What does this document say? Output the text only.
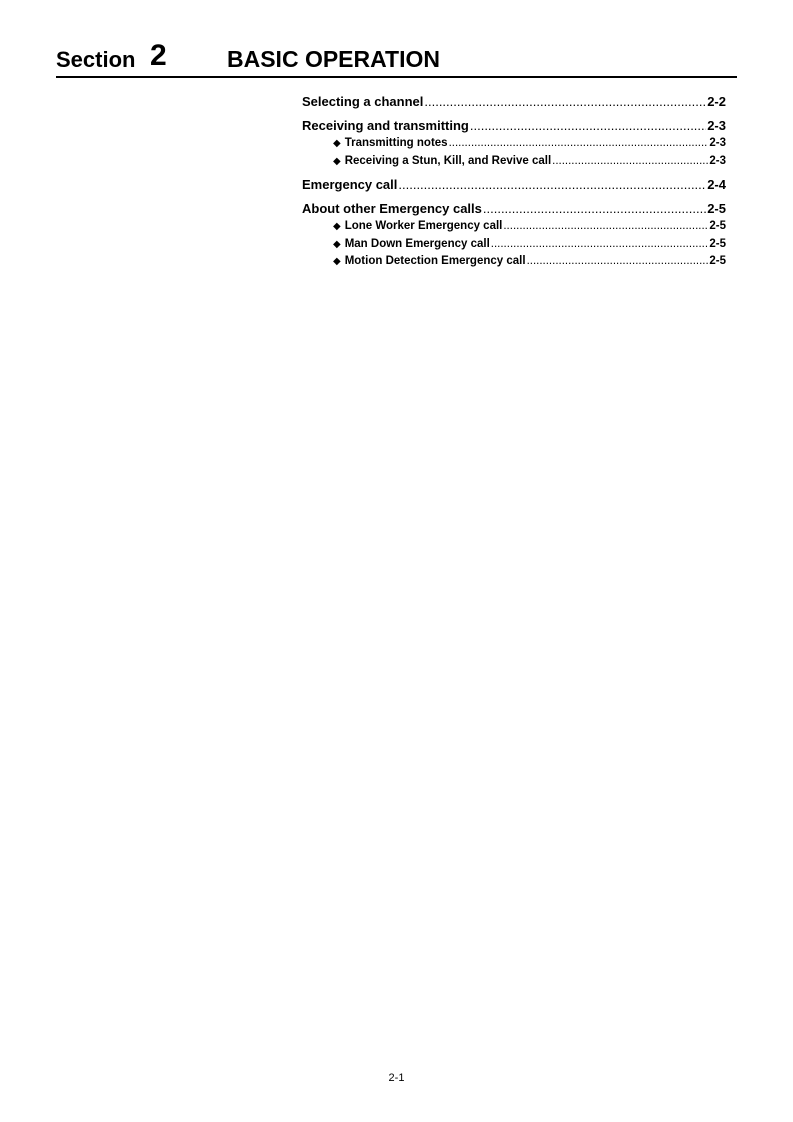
Section 2	BASIC OPERATION
Selecting a channel .....	2-2
Receiving and transmitting .....	2-3
◆ Transmitting notes .....	2-3
◆ Receiving a Stun, Kill, and Revive call .....	2-3
Emergency call .....	2-4
About other Emergency calls .....	2-5
◆ Lone Worker Emergency call .....	2-5
◆ Man Down Emergency call .....	2-5
◆ Motion Detection Emergency call .....	2-5
2-1
